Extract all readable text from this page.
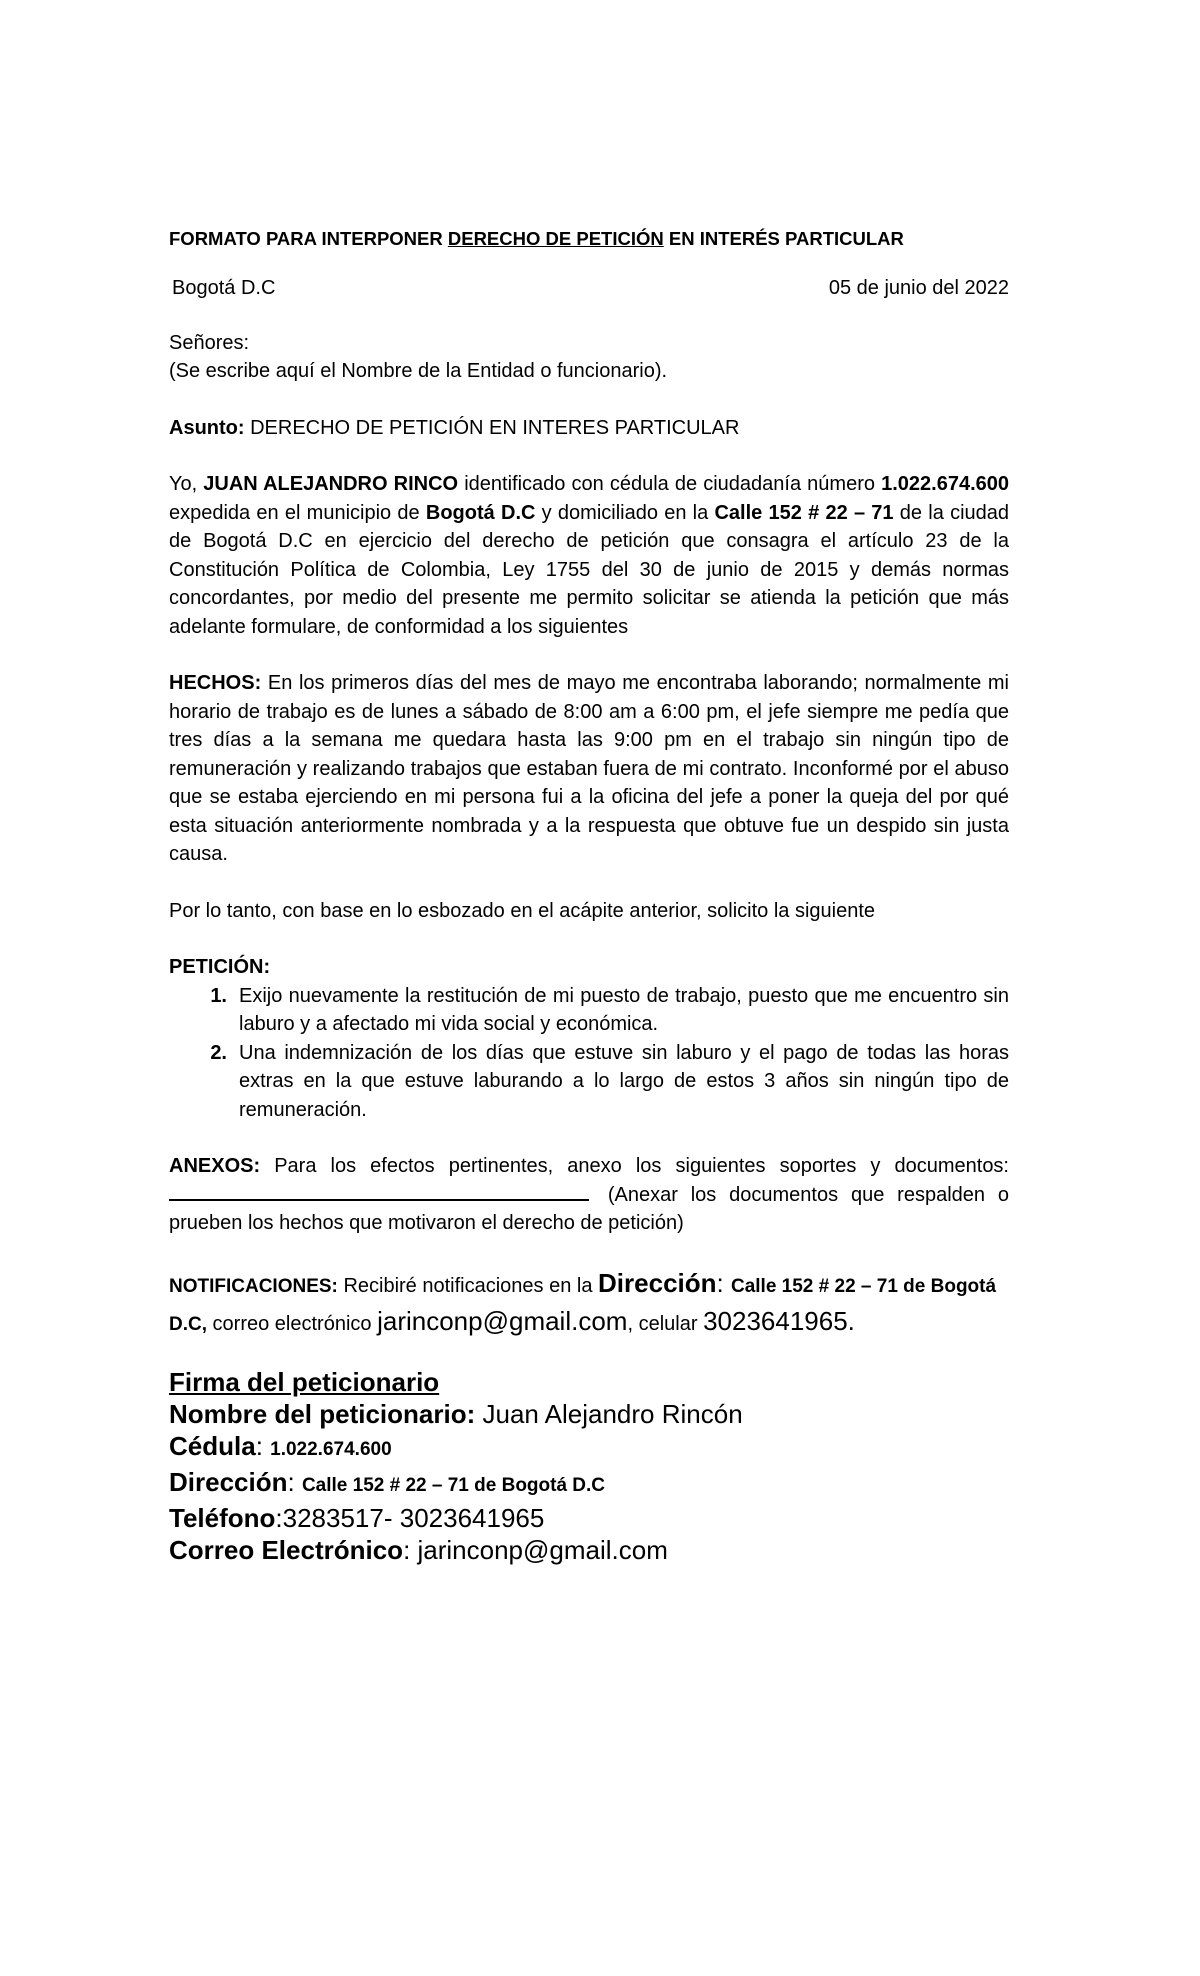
FORMATO PARA INTERPONER DERECHO DE PETICIÓN EN INTERÉS PARTICULAR
Bogotá D.C	05 de junio del 2022
Señores:
(Se escribe aquí el Nombre de la Entidad o funcionario).
Asunto: DERECHO DE PETICIÓN EN INTERES PARTICULAR
Yo, JUAN ALEJANDRO RINCO identificado con cédula de ciudadanía número 1.022.674.600 expedida en el municipio de Bogotá D.C y domiciliado en la Calle 152 # 22 – 71 de la ciudad de Bogotá D.C en ejercicio del derecho de petición que consagra el artículo 23 de la Constitución Política de Colombia, Ley 1755 del 30 de junio de 2015 y demás normas concordantes, por medio del presente me permito solicitar se atienda la petición que más adelante formulare, de conformidad a los siguientes
HECHOS: En los primeros días del mes de mayo me encontraba laborando; normalmente mi horario de trabajo es de lunes a sábado de 8:00 am a 6:00 pm, el jefe siempre me pedía que tres días a la semana me quedara hasta las 9:00 pm en el trabajo sin ningún tipo de remuneración y realizando trabajos que estaban fuera de mi contrato. Inconformé por el abuso que se estaba ejerciendo en mi persona fui a la oficina del jefe a poner la queja del por qué esta situación anteriormente nombrada y a la respuesta que obtuve fue un despido sin justa causa.
Por lo tanto, con base en lo esbozado en el acápite anterior, solicito la siguiente
PETICIÓN:
1. Exijo nuevamente la restitución de mi puesto de trabajo, puesto que me encuentro sin laburo y a afectado mi vida social y económica.
2. Una indemnización de los días que estuve sin laburo y el pago de todas las horas extras en la que estuve laburando a lo largo de estos 3 años sin ningún tipo de remuneración.
ANEXOS: Para los efectos pertinentes, anexo los siguientes soportes y documentos:  (Anexar los documentos que respalden o prueben los hechos que motivaron el derecho de petición)
NOTIFICACIONES: Recibiré notificaciones en la Dirección: Calle 152 # 22 – 71 de Bogotá D.C, correo electrónico jarinconp@gmail.com, celular 3023641965.
Firma del peticionario
Nombre del peticionario: Juan Alejandro Rincón
Cédula: 1.022.674.600
Dirección: Calle 152 # 22 – 71 de Bogotá D.C
Teléfono:3283517- 3023641965
Correo Electrónico: jarinconp@gmail.com
